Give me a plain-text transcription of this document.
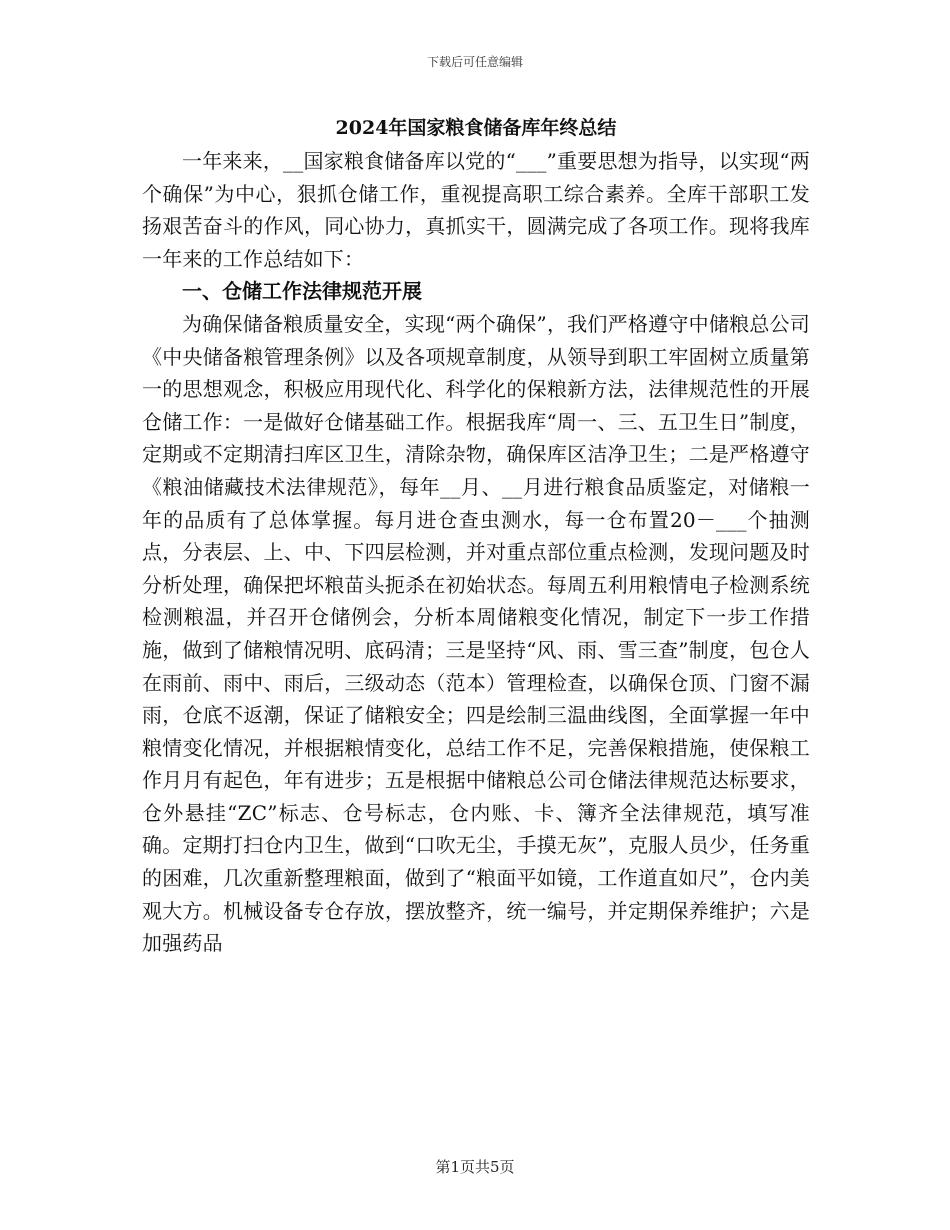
下载后可任意编辑
2024年国家粮食储备库年终总结

一年来来，__国家粮食储备库以党的“___”重要思想为指导，以实现“两个确保”为中心，狠抓仓储工作，重视提高职工综合素养。全库干部职工发扬艰苦奋斗的作风，同心协力，真抓实干，圆满完成了各项工作。现将我库一年来的工作总结如下：

一、仓储工作法律规范开展

为确保储备粮质量安全，实现“两个确保”，我们严格遵守中储粮总公司《中央储备粮管理条例》以及各项规章制度，从领导到职工牢固树立质量第一的思想观念，积极应用现代化、科学化的保粮新方法，法律规范性的开展仓储工作：一是做好仓储基础工作。根据我库“周一、三、五卫生日”制度，定期或不定期清扫库区卫生，清除杂物，确保库区洁净卫生；二是严格遵守《粮油储藏技术法律规范》，每年__月、__月进行粮食品质鉴定，对储粮一年的品质有了总体掌握。每月进仓查虫测水，每一仓布置20－___个抽测点，分表层、上、中、下四层检测，并对重点部位重点检测，发现问题及时分析处理，确保把坏粮苗头扼杀在初始状态。每周五利用粮情电子检测系统检测粮温，并召开仓储例会，分析本周储粮变化情况，制定下一步工作措施，做到了储粮情况明、底码清；三是坚持“风、雨、雪三查”制度，包仓人在雨前、雨中、雨后，三级动态（范本）管理检查，以确保仓顶、门窗不漏雨，仓底不返潮，保证了储粮安全；四是绘制三温曲线图，全面掌握一年中粮情变化情况，并根据粮情变化，总结工作不足，完善保粮措施，使保粮工作月月有起色，年有进步；五是根据中储粮总公司仓储法律规范达标要求，仓外悬挂“ZC”标志、仓号标志，仓内账、卡、簿齐全法律规范，填写准确。定期打扫仓内卫生，做到“口吹无尘，手摸无灰”，克服人员少，任务重的困难，几次重新整理粮面，做到了“粮面平如镜，工作道直如尺”，仓内美观大方。机械设备专仓存放，摆放整齐，统一编号，并定期保养维护；六是加强药品

第1页共5页
